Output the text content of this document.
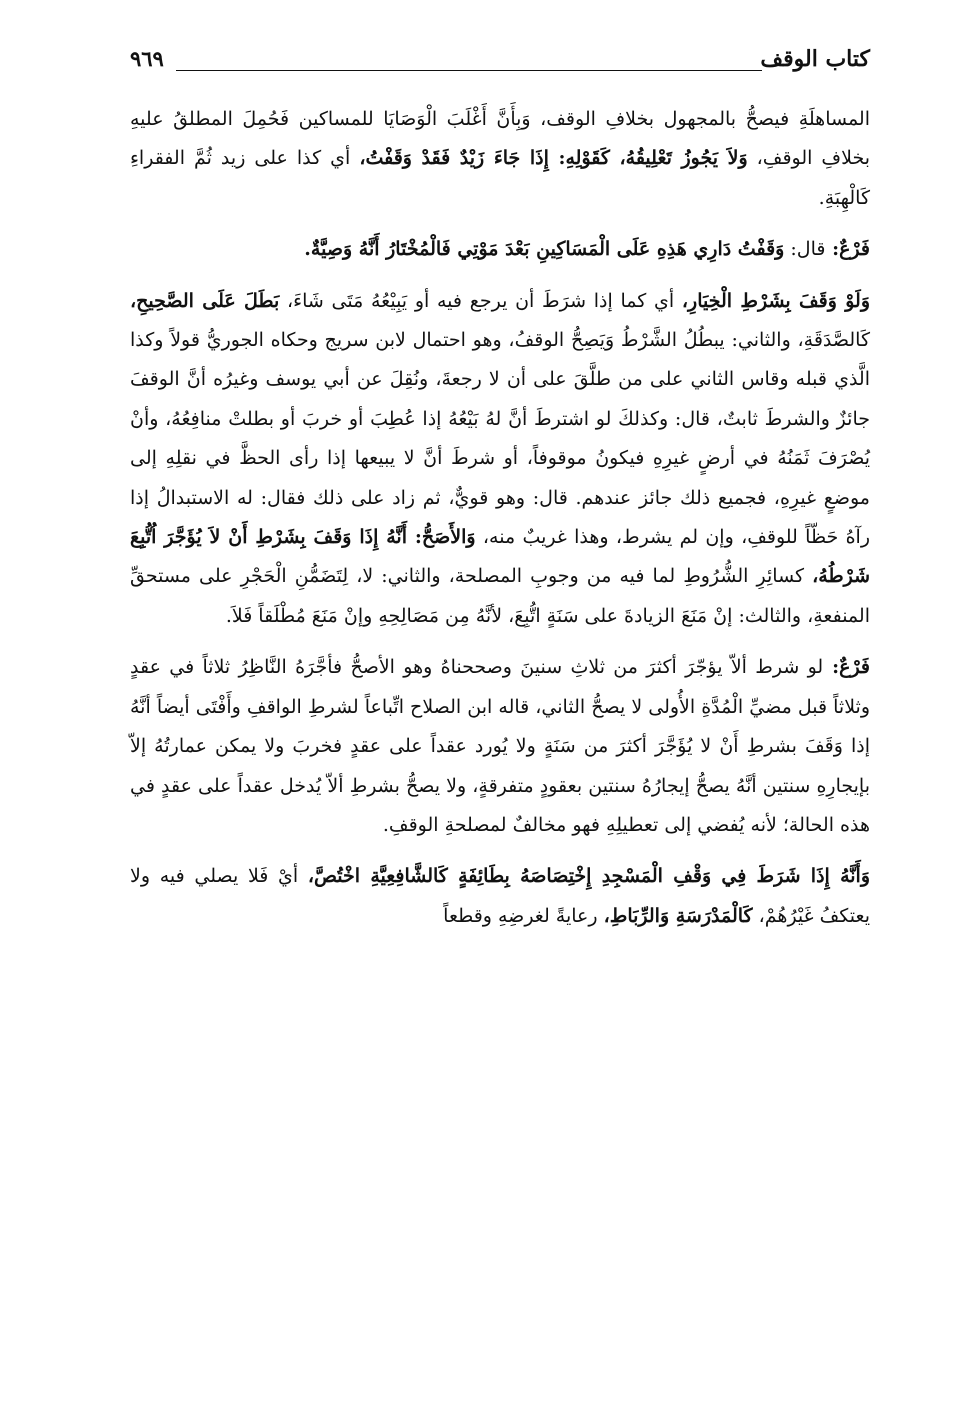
كتاب الوقف
٩٦٩

المساهلَةِ فيصحُّ بالمجهول بخلافِ الوقف، وَبِأَنَّ أَغْلَبَ الْوَصَايَا للمساكين فَحُمِلَ المطلقُ عليهِ بخلافِ الوقفِ، وَلاَ يَجُوزُ تَعْلِيقُهُ، كَقَوْلِهِ: إِذَا جَاءَ زَيْدٌ فَقَدْ وَقَفْتُ، أي كذا على زيد ثُمَّ الفقراءِ كَالْهِبَةِ.

فَرْعٌ: قال: وَقَفْتُ دَارِي هَذِهِ عَلَى الْمَسَاكِينِ بَعْدَ مَوْتِي فَالْمُخْتَارُ أَنَّهُ وَصِيَّةٌ.

وَلَوْ وَقَفَ بِشَرْطِ الْخِيَارِ، أي كما إذا شرَطَ أن يرجع فيه أو يَبِيْعُهُ مَتَى شَاءَ، بَطَلَ عَلَى الصَّحِيحِ، كَالصَّدَقَةِ، والثاني: يبطُلُ الشَّرْطُ وَيَصِحُّ الوقفُ، وهو احتمال لابن سريج وحكاه الجوريُّ قولاً وكذا الَّذي قبله وقاس الثاني على من طلَّقَ على أن لا رجعةَ، ونُقِلَ عن أبي يوسف وغيرُه أنَّ الوقفَ جائزٌ والشرطَ ثابتٌ، قال: وكذلكَ لو اشترطَ أنَّ لهُ بَيْعُهُ إذا عُطِبَ أو خربَ أو بطلتْ منافِعُهُ، وأنْ يُصْرَفَ ثَمَنُهُ في أرضٍ غيرِهِ فيكونُ موقوفاً، أو شرطَ أنَّ لا يبيعها إذا رأى الحظَّ في نقلِهِ إلى موضعٍ غيرِهِ، فجميع ذلك جائز عندهم. قال: وهو قويٌّ، ثم زاد على ذلك فقال: له الاستبدالُ إذا رآهُ حَظّاً للوقفِ، وإن لم يشرط، وهذا غريبٌ منه، وَالأَصَحُّ: أَنَّهُ إِذَا وَقَفَ بِشَرْطِ أَنْ لاَ يُؤَجَّرَ اُتُّبِعَ شَرْطُهُ، كسائِرِ الشُّرُوطِ لما فيه من وجوبِ المصلحة، والثاني: لا، لِتَضَمُّنِ الْحَجْرِ على مستحقِّ المنفعةِ، والثالث: إنْ مَنَعَ الزيادةَ على سَنَةٍ اتُّبِعَ، لأنَّهُ مِن مَصَالِحِهِ وإنْ مَنَعَ مُطْلَقاً فَلاَ.

فَرْعٌ: لو شرط ألاّ يؤجّرَ أكثرَ من ثلاثِ سنينَ وصححناهُ وهو الأصحُّ فأجَّرَهُ النَّاظِرُ ثلاثاً في عقدٍ وثلاثاً قبل مضيِّ الْمُدَّةِ الأُولى لا يصحُّ الثاني، قاله ابن الصلاح اتِّباعاً لشرطِ الواقفِ وأَفْتَى أيضاً أنَّهُ إذا وَقَفَ بشرطِ أَنْ لا يُؤَجَّرَ أكثرَ من سَنَةٍ ولا يُورد عقداً على عقدٍ فخربَ ولا يمكن عمارتُهُ إلاّ بإيجارِهِ سنتين أنَّهُ يصحُّ إيجارُهُ سنتين بعقودٍ متفرقةٍ، ولا يصحُّ بشرطِ ألاّ يُدخل عقداً على عقدٍ في هذه الحالة؛ لأنه يُفضي إلى تعطيلِهِ فهو مخالفٌ لمصلحةِ الوقفِ.

وَأَنَّهُ إِذَا شَرَطَ فِي وَقْفِ الْمَسْجِدِ إِخْتِصَاصَهُ بِطَائِفَةٍ كَالشَّافِعِيَّةِ اخْتُصَّ، أيْ فَلا يصلي فيه ولا يعتكفُ غَيْرُهُمْ، كَالْمَدْرَسَةِ وَالرِّبَاطِ، رعايةً لغرضِهِ وقطعاً
